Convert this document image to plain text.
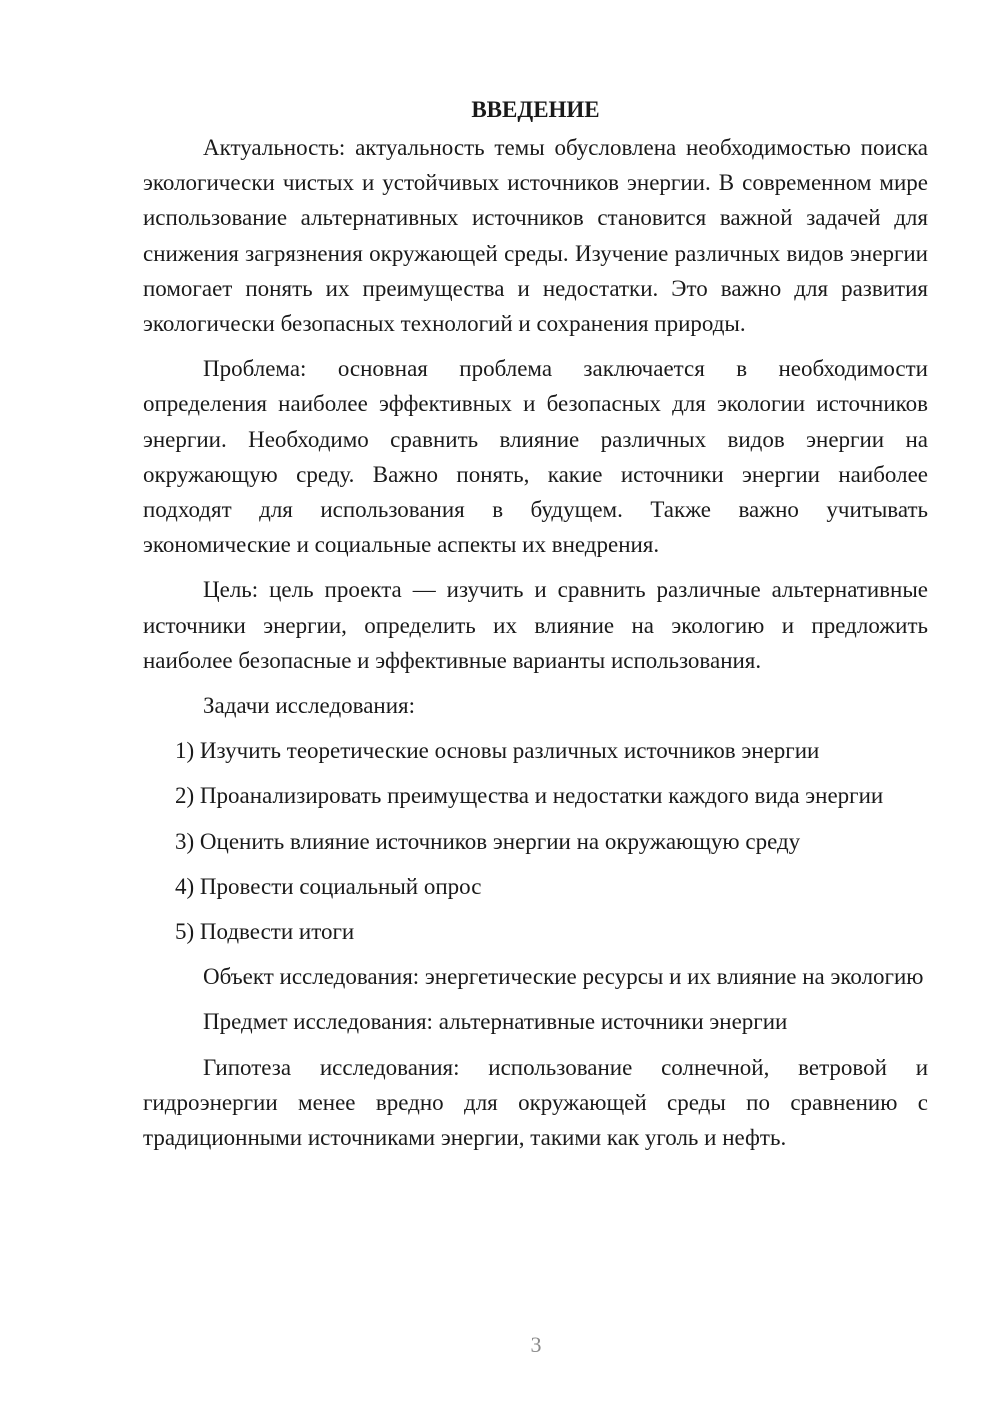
ВВЕДЕНИЕ

Актуальность: актуальность темы обусловлена необходимостью поиска экологически чистых и устойчивых источников энергии. В современном мире использование альтернативных источников становится важной задачей для снижения загрязнения окружающей среды. Изучение различных видов энергии помогает понять их преимущества и недостатки. Это важно для развития экологически безопасных технологий и сохранения природы.

Проблема: основная проблема заключается в необходимости определения наиболее эффективных и безопасных для экологии источников энергии. Необходимо сравнить влияние различных видов энергии на окружающую среду. Важно понять, какие источники энергии наиболее подходят для использования в будущем. Также важно учитывать экономические и социальные аспекты их внедрения.

Цель: цель проекта — изучить и сравнить различные альтернативные источники энергии, определить их влияние на экологию и предложить наиболее безопасные и эффективные варианты использования.

Задачи исследования:

1) Изучить теоретические основы различных источников энергии

2) Проанализировать преимущества и недостатки каждого вида энергии

3) Оценить влияние источников энергии на окружающую среду

4) Провести социальный опрос

5) Подвести итоги

Объект исследования: энергетические ресурсы и их влияние на экологию

Предмет исследования: альтернативные источники энергии

Гипотеза исследования: использование солнечной, ветровой и гидроэнергии менее вредно для окружающей среды по сравнению с традиционными источниками энергии, такими как уголь и нефть.

3
